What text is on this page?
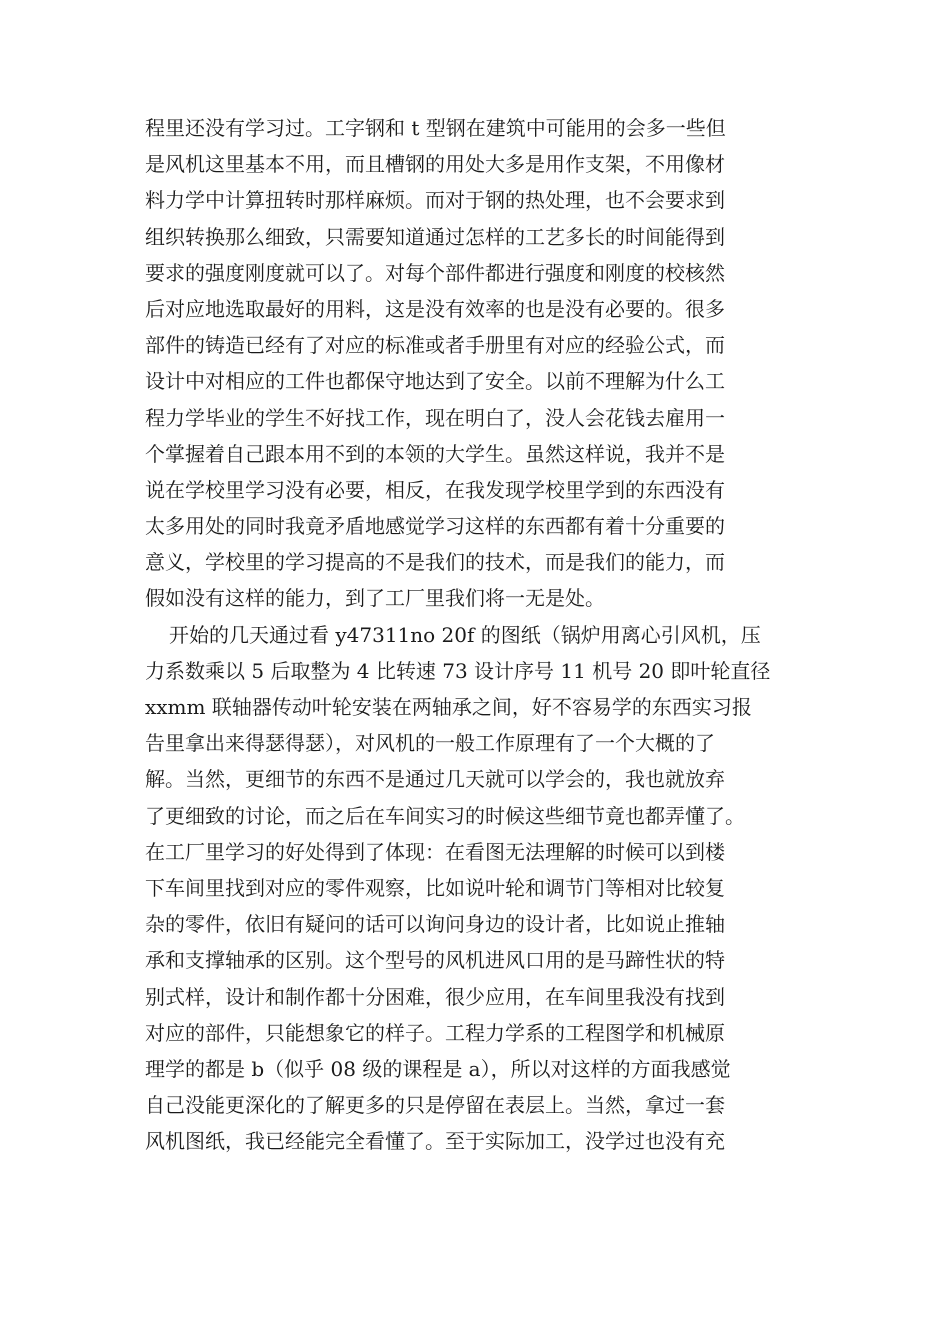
程里还没有学习过。工字钢和 t 型钢在建筑中可能用的会多一些但
是风机这里基本不用，而且槽钢的用处大多是用作支架，不用像材
料力学中计算扭转时那样麻烦。而对于钢的热处理，也不会要求到
组织转换那么细致，只需要知道通过怎样的工艺多长的时间能得到
要求的强度刚度就可以了。对每个部件都进行强度和刚度的校核然
后对应地选取最好的用料，这是没有效率的也是没有必要的。很多
部件的铸造已经有了对应的标准或者手册里有对应的经验公式，而
设计中对相应的工件也都保守地达到了安全。以前不理解为什么工
程力学毕业的学生不好找工作，现在明白了，没人会花钱去雇用一
个掌握着自己跟本用不到的本领的大学生。虽然这样说，我并不是
说在学校里学习没有必要，相反，在我发现学校里学到的东西没有
太多用处的同时我竟矛盾地感觉学习这样的东西都有着十分重要的
意义，学校里的学习提高的不是我们的技术，而是我们的能力，而
假如没有这样的能力，到了工厂里我们将一无是处。
开始的几天通过看 y47311no 20f 的图纸（锅炉用离心引风机，压
力系数乘以 5 后取整为 4 比转速 73 设计序号 11 机号 20 即叶轮直径
xxmm 联轴器传动叶轮安装在两轴承之间，好不容易学的东西实习报
告里拿出来得瑟得瑟），对风机的一般工作原理有了一个大概的了
解。当然，更细节的东西不是通过几天就可以学会的，我也就放弃
了更细致的讨论，而之后在车间实习的时候这些细节竟也都弄懂了。
在工厂里学习的好处得到了体现：在看图无法理解的时候可以到楼
下车间里找到对应的零件观察，比如说叶轮和调节门等相对比较复
杂的零件，依旧有疑问的话可以询问身边的设计者，比如说止推轴
承和支撑轴承的区别。这个型号的风机进风口用的是马蹄性状的特
别式样，设计和制作都十分困难，很少应用，在车间里我没有找到
对应的部件，只能想象它的样子。工程力学系的工程图学和机械原
理学的都是 b（似乎 08 级的课程是 a），所以对这样的方面我感觉
自己没能更深化的了解更多的只是停留在表层上。当然，拿过一套
风机图纸，我已经能完全看懂了。至于实际加工，没学过也没有充
